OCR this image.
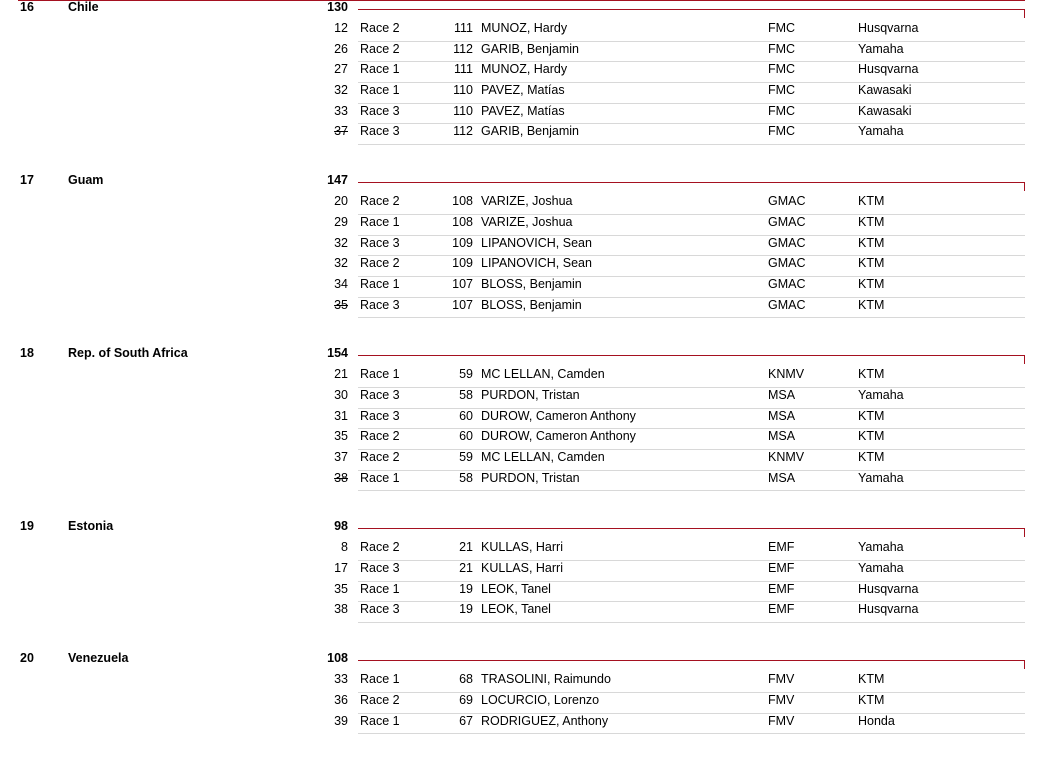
16	Chile	130
12 Race 2	111 MUNOZ, Hardy	FMC	Husqvarna
26 Race 2	112 GARIB, Benjamin	FMC	Yamaha
27 Race 1	111 MUNOZ, Hardy	FMC	Husqvarna
32 Race 1	110 PAVEZ, Matías	FMC	Kawasaki
33 Race 3	110 PAVEZ, Matías	FMC	Kawasaki
37 Race 3	112 GARIB, Benjamin	FMC	Yamaha
17	Guam	147
20 Race 2	108 VARIZE, Joshua	GMAC	KTM
29 Race 1	108 VARIZE, Joshua	GMAC	KTM
32 Race 3	109 LIPANOVICH, Sean	GMAC	KTM
32 Race 2	109 LIPANOVICH, Sean	GMAC	KTM
34 Race 1	107 BLOSS, Benjamin	GMAC	KTM
35 Race 3	107 BLOSS, Benjamin	GMAC	KTM
18	Rep. of South Africa	154
21 Race 1	59 MC LELLAN, Camden	KNMV	KTM
30 Race 3	58 PURDON, Tristan	MSA	Yamaha
31 Race 3	60 DUROW, Cameron Anthony	MSA	KTM
35 Race 2	60 DUROW, Cameron Anthony	MSA	KTM
37 Race 2	59 MC LELLAN, Camden	KNMV	KTM
38 Race 1	58 PURDON, Tristan	MSA	Yamaha
19	Estonia	98
8 Race 2	21 KULLAS, Harri	EMF	Yamaha
17 Race 3	21 KULLAS, Harri	EMF	Yamaha
35 Race 1	19 LEOK, Tanel	EMF	Husqvarna
38 Race 3	19 LEOK, Tanel	EMF	Husqvarna
20	Venezuela	108
33 Race 1	68 TRASOLINI, Raimundo	FMV	KTM
36 Race 2	69 LOCURCIO, Lorenzo	FMV	KTM
39 Race 1	67 RODRIGUEZ, Anthony	FMV	Honda
